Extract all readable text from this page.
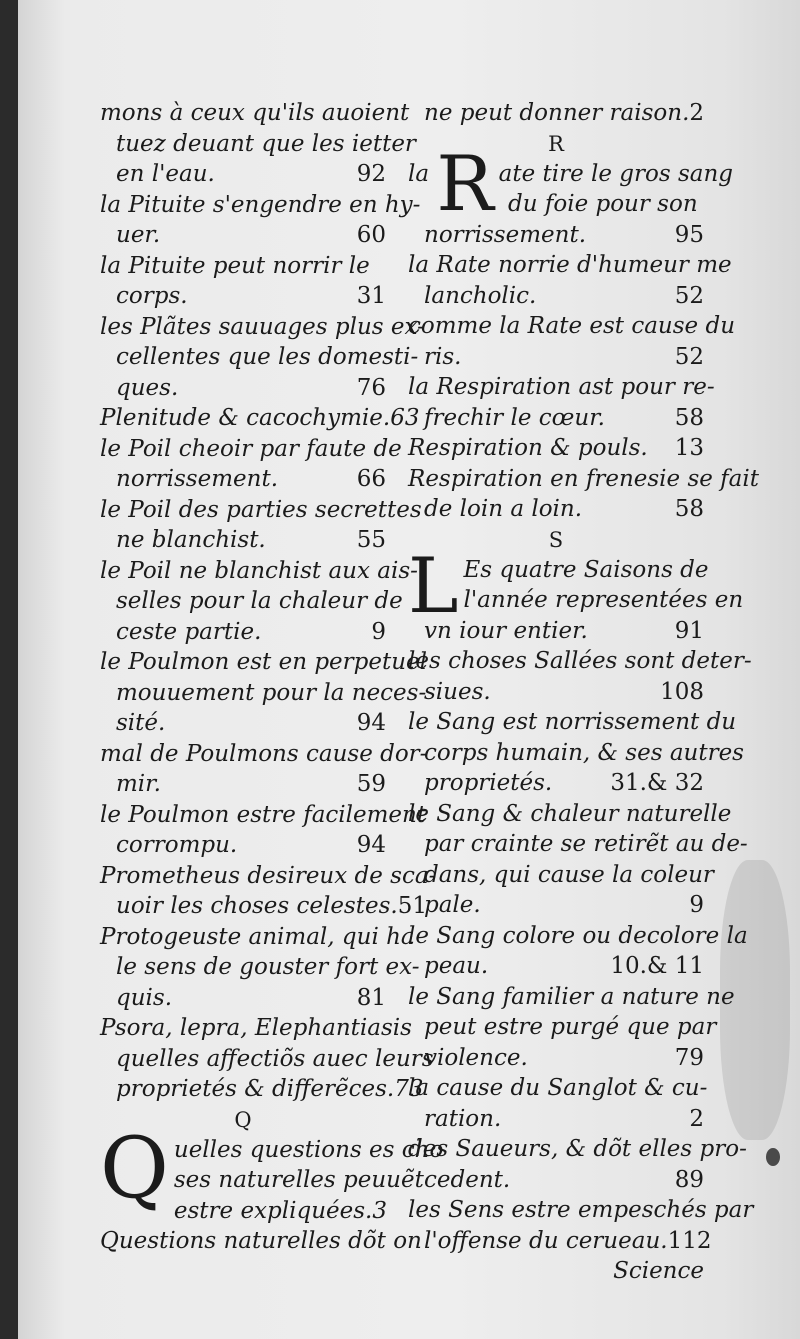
mons à ceux qu'ils auoient
tuez deuant que les ietter
en l'eau.	92
la Pituite s'engendre en hy-
uer.	60
la Pituite peut norrir le
corps.	31
les Plãtes sauuages plus ex-
cellentes que les domesti-
ques.	76
Plenitude & cacochymie.63
le Poil cheoir par faute de
norrissement.	66
le Poil des parties secrettes
ne blanchist.	55
le Poil ne blanchist aux ais-
selles pour la chaleur de
ceste partie.	9
le Poulmon est en perpetuel
mouuement pour la neces-
sité.	94
mal de Poulmons cause dor-
mir.	59
le Poulmon estre facilement
corrompu.	94
Prometheus desireux de sca-
uoir les choses celestes. 51
Protogeuste animal, qui ha
le sens de gouster fort ex-
quis.	81
Psora, lepra, Elephantiasis
quelles affectiõs auec leurs
proprietés & differẽces.73
Q
Q uelles questions es cho
ses naturelles peuuẽt
estre expliquées.3
Questions naturelles dõt on
ne peut donner raison. 2
R
la R ate tire le gros sang
du foie pour son
norrissement.	95
la Rate norrie d'humeur me
lancholic.	52
comme la Rate est cause du
ris.	52
la Respiration ast pour re-
frechir le cœur.	58
Respiration & pouls. 13
Respiration en frenesie se fait
de loin a loin.	58
S
L Es quatre Saisons de
l'année representées en
vn iour entier.	91
les choses Sallées sont deter-
siues.	108
le Sang est norrissement du
corps humain, & ses autres
proprietés.	31.& 32
le Sang & chaleur naturelle
par crainte se retirẽt au de-
dans, qui cause la coleur
pale.	9
le Sang colore ou decolore la
peau.	10.& 11
le Sang familier a nature ne
peut estre purgé que par
violence.	79
la cause du Sanglot & cu-
ration.	2
des Saueurs, & dõt elles pro-
cedent.	89
les Sens estre empeschés par
l'offense du cerueau. 112
Science
